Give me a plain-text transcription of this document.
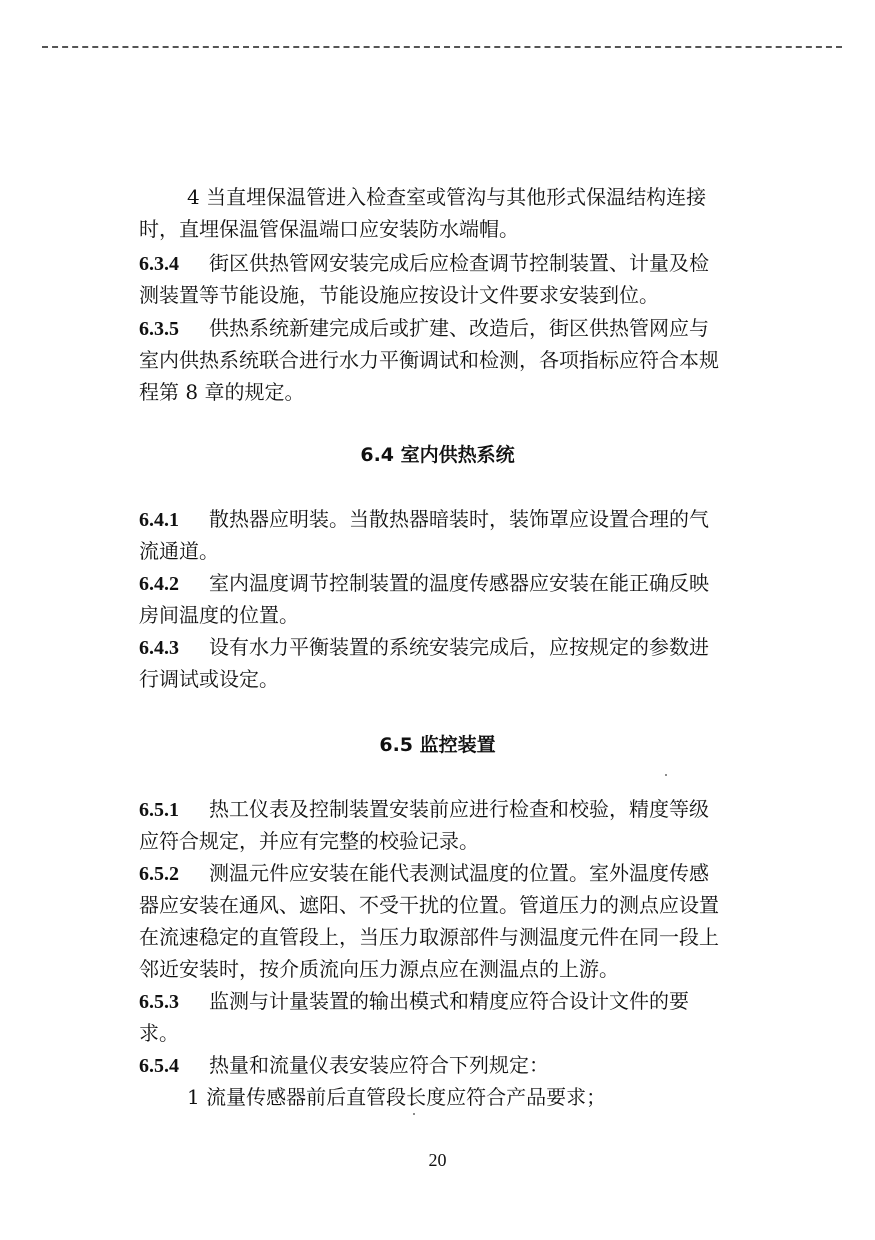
4 当直埋保温管进入检查室或管沟与其他形式保温结构连接
时，直埋保温管保温端口应安装防水端帽。
6.3.4 街区供热管网安装完成后应检查调节控制装置、计量及检
测装置等节能设施，节能设施应按设计文件要求安装到位。
6.3.5 供热系统新建完成后或扩建、改造后，街区供热管网应与
室内供热系统联合进行水力平衡调试和检测，各项指标应符合本规
程第 8 章的规定。
6.4 室内供热系统
6.4.1 散热器应明装。当散热器暗装时，装饰罩应设置合理的气
流通道。
6.4.2 室内温度调节控制装置的温度传感器应安装在能正确反映
房间温度的位置。
6.4.3 设有水力平衡装置的系统安装完成后，应按规定的参数进
行调试或设定。
6.5 监控装置
6.5.1 热工仪表及控制装置安装前应进行检查和校验，精度等级
应符合规定，并应有完整的校验记录。
6.5.2 测温元件应安装在能代表测试温度的位置。室外温度传感
器应安装在通风、遮阳、不受干扰的位置。管道压力的测点应设置
在流速稳定的直管段上，当压力取源部件与测温度元件在同一段上
邻近安装时，按介质流向压力源点应在测温点的上游。
6.5.3 监测与计量装置的输出模式和精度应符合设计文件的要
求。
6.5.4 热量和流量仪表安装应符合下列规定：
1 流量传感器前后直管段长度应符合产品要求；
20
